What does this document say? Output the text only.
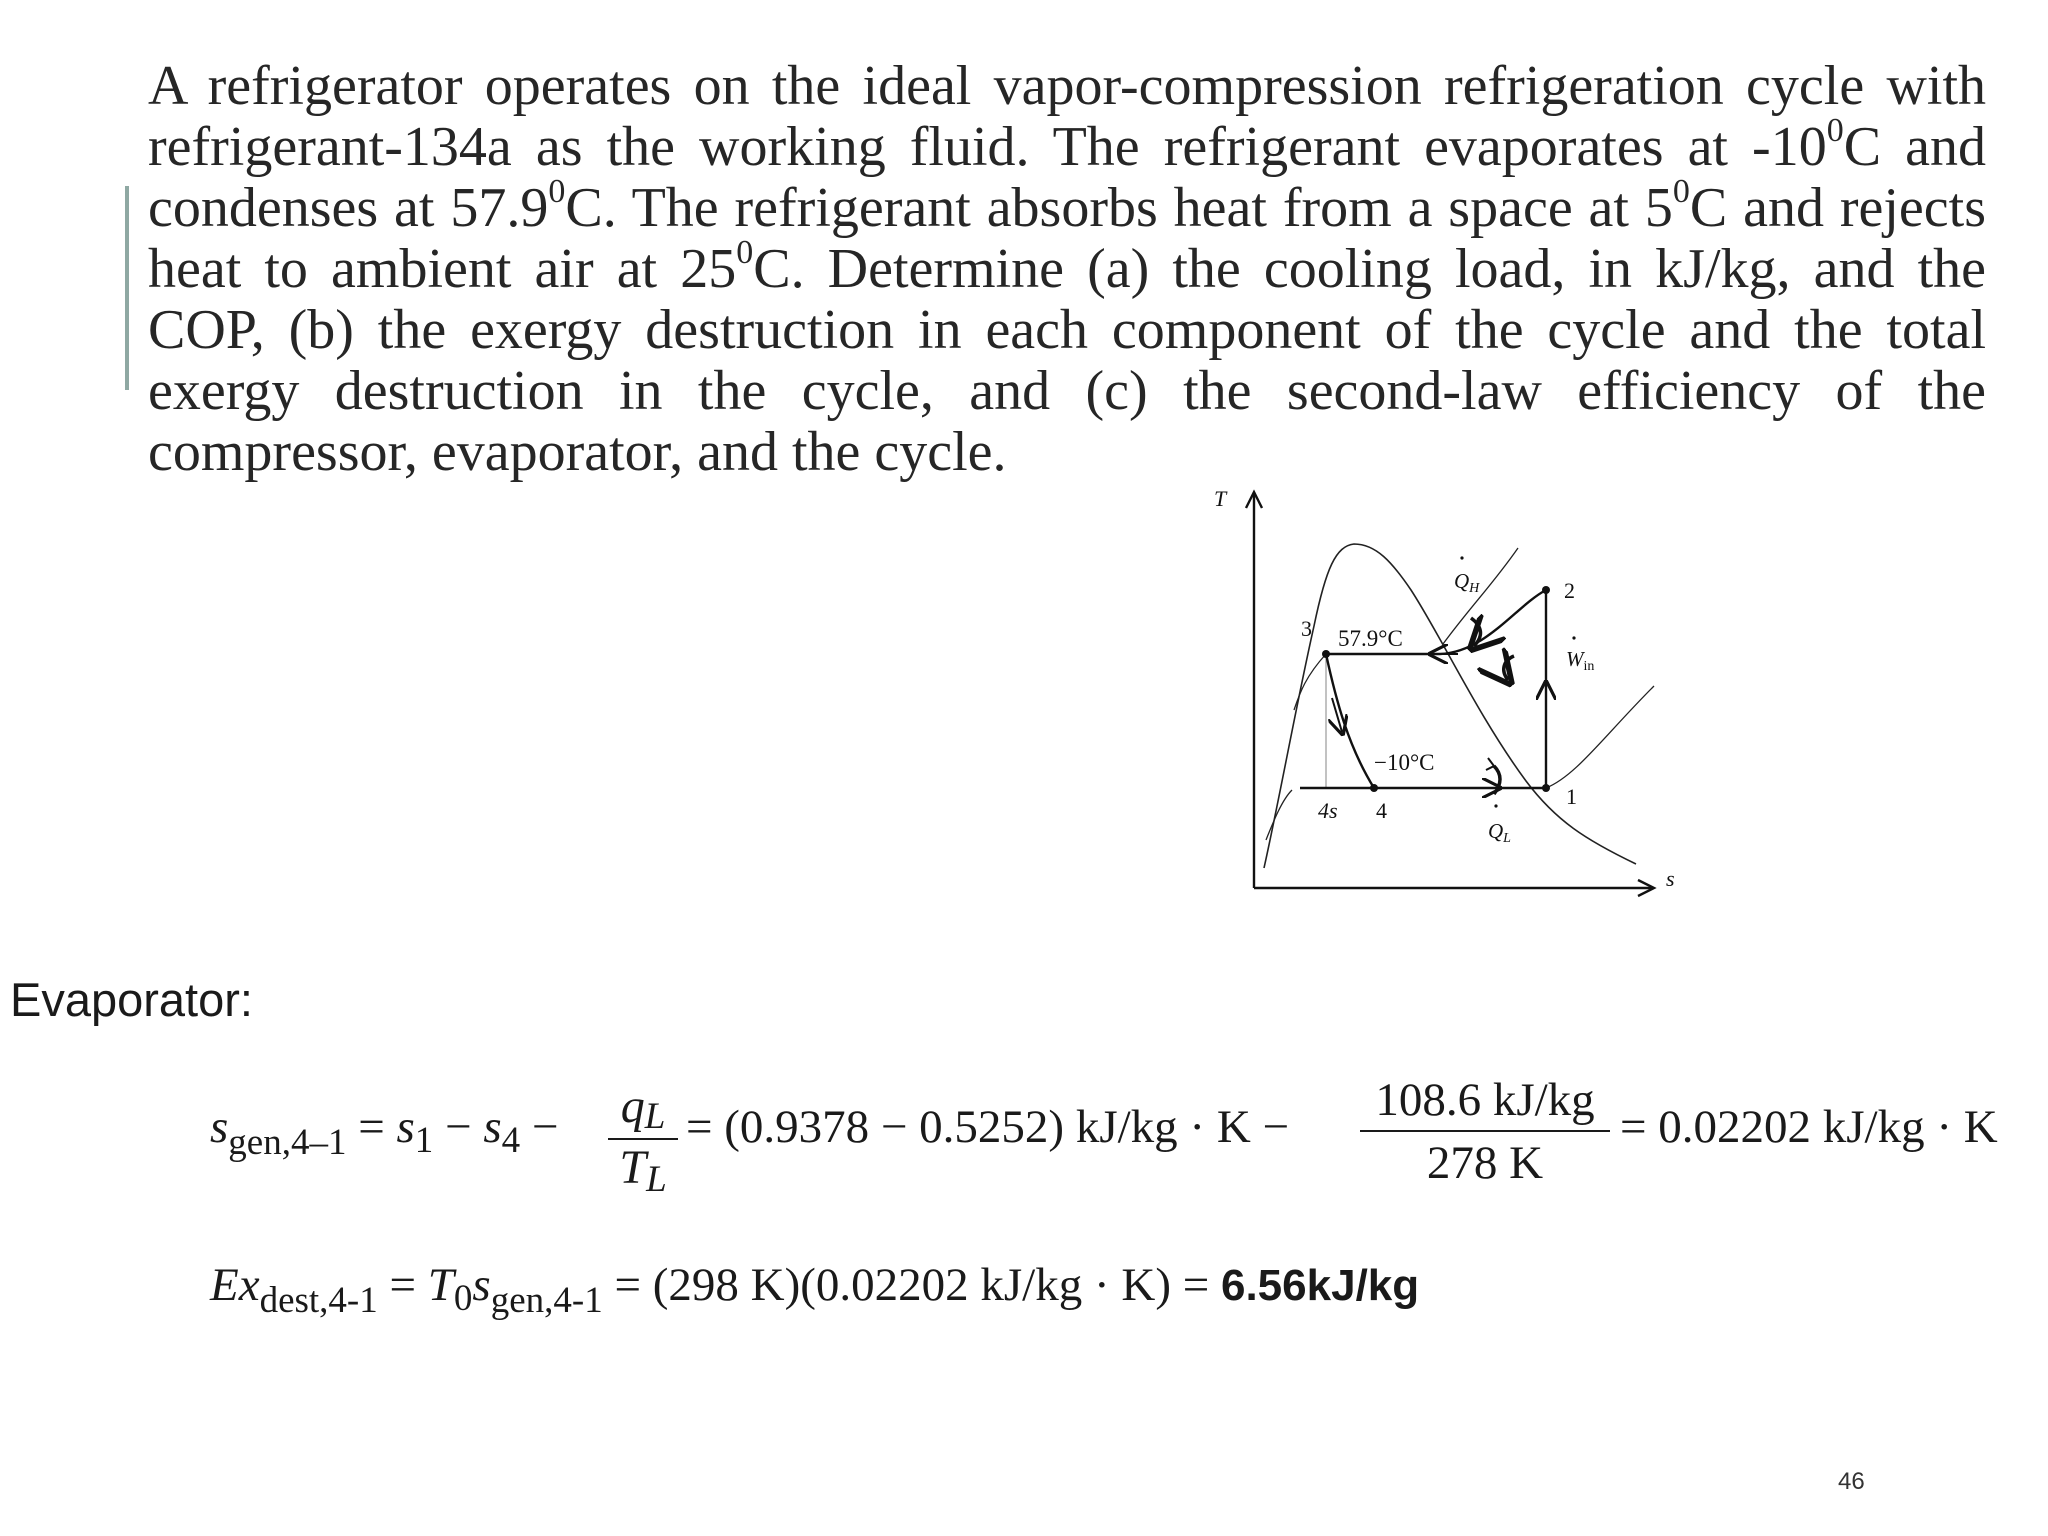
A refrigerator operates on the ideal vapor-compression refrigeration cycle with refrigerant-134a as the working fluid. The refrigerant evaporates at $-10^0C$ and condenses at 57.9$^0$C. The refrigerant absorbs heat from a space at $5^0C$ and rejects heat to ambient air at $25^0C$. Determine (a) the cooling load, in kJ/kg, and the COP, (b) the exergy destruction in each component of the cycle and the total exergy destruction in the cycle, and (c) the second-law efficiency of the compressor, evaporator, and the cycle.

T
s
3
2
1
4
4s
57.9°C
−10°C
QH
Win
QL
Evaporator:
$s_{gen,4-1} = s_1 - s_4 - \frac{qL}{TL} = (0.9378 - 0.5252) kJ/kg \cdot K - \frac{108.6 kJ/kg}{278 K} = 0.02202$ kJ/kg · K
$Ex_{dest,4-1} = T_0s_{gen,4-1} = (298$ K)(0.02202 kJ/kg · K) = 6.56kJ/kg
46
